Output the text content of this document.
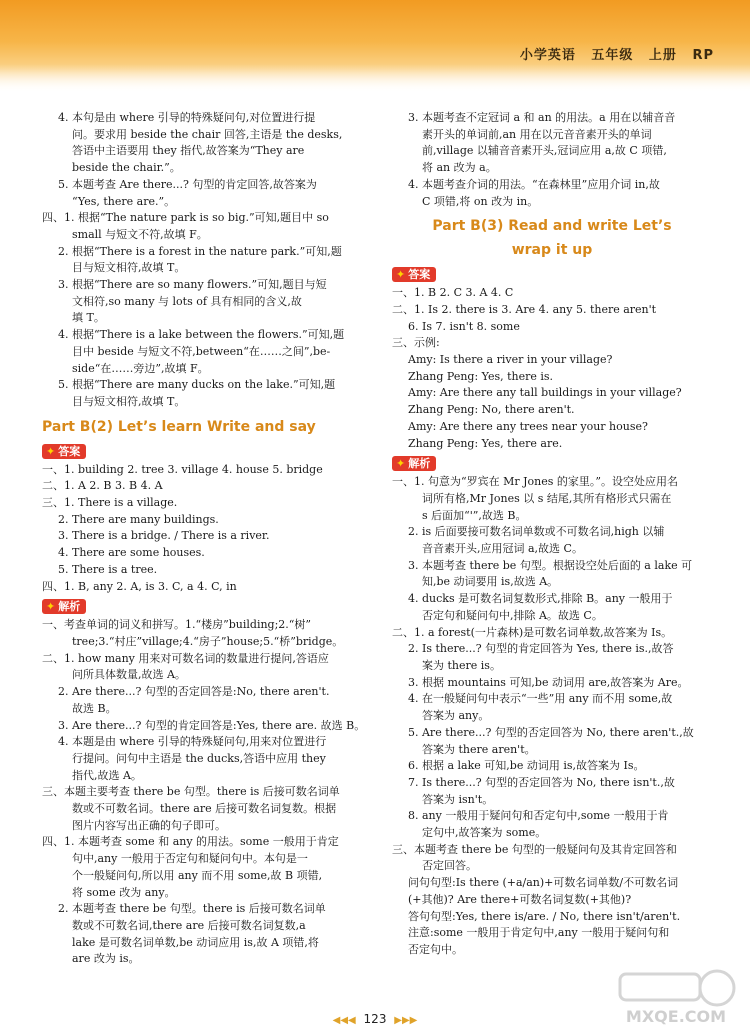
小学英语 五年级 上册 RP
4. 本句是由 where 引导的特殊疑问句,对位置进行提
问。要求用 beside the chair 回答,主语是 the desks,
答语中主语要用 they 指代,故答案为“They are
beside the chair.”。
5. 本题考查 Are there...? 句型的肯定回答,故答案为
“Yes, there are.”。
四、1. 根据“The nature park is so big.”可知,题目中 so
small 与短文不符,故填 F。
2. 根据“There is a forest in the nature park.”可知,题
目与短文相符,故填 T。
3. 根据“There are so many flowers.”可知,题目与短
文相符,so many 与 lots of 具有相同的含义,故
填 T。
4. 根据“There is a lake between the flowers.”可知,题
目中 beside 与短文不符,between“在……之间”,be-
side“在……旁边”,故填 F。
5. 根据“There are many ducks on the lake.”可知,题
目与短文相符,故填 T。
Part B(2) Let’s learn Write and say
✦ 答案
一、1. building 2. tree 3. village 4. house 5. bridge
二、1. A 2. B 3. B 4. A
三、1. There is a village.
2. There are many buildings.
3. There is a bridge. / There is a river.
4. There are some houses.
5. There is a tree.
四、1. B, any 2. A, is 3. C, a 4. C, in
✦ 解析
一、考查单词的词义和拼写。1.“楼房”building;2.“树”
tree;3.“村庄”village;4.“房子”house;5.“桥”bridge。
二、1. how many 用来对可数名词的数量进行提问,答语应
问所具体数量,故选 A。
2. Are there...? 句型的否定回答是:No, there aren't.
故选 B。
3. Are there...? 句型的肯定回答是:Yes, there are. 故选 B。
4. 本题是由 where 引导的特殊疑问句,用来对位置进行
行提问。问句中主语是 the ducks,答语中应用 they
指代,故选 A。
三、本题主要考查 there be 句型。there is 后接可数名词单
数或不可数名词。there are 后接可数名词复数。根据
图片内容写出正确的句子即可。
四、1. 本题考查 some 和 any 的用法。some 一般用于肯定
句中,any 一般用于否定句和疑问句中。本句是一
个一般疑问句,所以用 any 而不用 some,故 B 项错,
将 some 改为 any。
2. 本题考查 there be 句型。there is 后接可数名词单
数或不可数名词,there are 后接可数名词复数,a
lake 是可数名词单数,be 动词应用 is,故 A 项错,将
are 改为 is。
3. 本题考查不定冠词 a 和 an 的用法。a 用在以辅音音
素开头的单词前,an 用在以元音音素开头的单词
前,village 以辅音音素开头,冠词应用 a,故 C 项错,
将 an 改为 a。
4. 本题考查介词的用法。“在森林里”应用介词 in,故
C 项错,将 on 改为 in。
Part B(3) Read and write Let’s
wrap it up
✦ 答案
一、1. B 2. C 3. A 4. C
二、1. Is 2. there is 3. Are 4. any 5. there aren't
6. Is 7. isn't 8. some
三、示例:
Amy: Is there a river in your village?
Zhang Peng: Yes, there is.
Amy: Are there any tall buildings in your village?
Zhang Peng: No, there aren't.
Amy: Are there any trees near your house?
Zhang Peng: Yes, there are.
✦ 解析
一、1. 句意为“罗宾在 Mr Jones 的家里。”。设空处应用名
词所有格,Mr Jones 以 s 结尾,其所有格形式只需在
s 后面加“'”,故选 B。
2. is 后面要接可数名词单数或不可数名词,high 以辅
音音素开头,应用冠词 a,故选 C。
3. 本题考查 there be 句型。根据设空处后面的 a lake 可
知,be 动词要用 is,故选 A。
4. ducks 是可数名词复数形式,排除 B。any 一般用于
否定句和疑问句中,排除 A。故选 C。
二、1. a forest(一片森林)是可数名词单数,故答案为 Is。
2. Is there...? 句型的肯定回答为 Yes, there is.,故答
案为 there is。
3. 根据 mountains 可知,be 动词用 are,故答案为 Are。
4. 在一般疑问句中表示“一些”用 any 而不用 some,故
答案为 any。
5. Are there...? 句型的否定回答为 No, there aren't.,故
答案为 there aren't。
6. 根据 a lake 可知,be 动词用 is,故答案为 Is。
7. Is there...? 句型的否定回答为 No, there isn't.,故
答案为 isn't。
8. any 一般用于疑问句和否定句中,some 一般用于肯
定句中,故答案为 some。
三、本题考查 there be 句型的一般疑问句及其肯定回答和
否定回答。
问句句型:Is there (+a/an)+可数名词单数/不可数名词
(+其他)? Are there+可数名词复数(+其他)?
答句句型:Yes, there is/are. / No, there isn't/aren't.
注意:some 一般用于肯定句中,any 一般用于疑问句和
否定句中。
◀◀◀ 123 ▶▶▶	MXQE.COM
